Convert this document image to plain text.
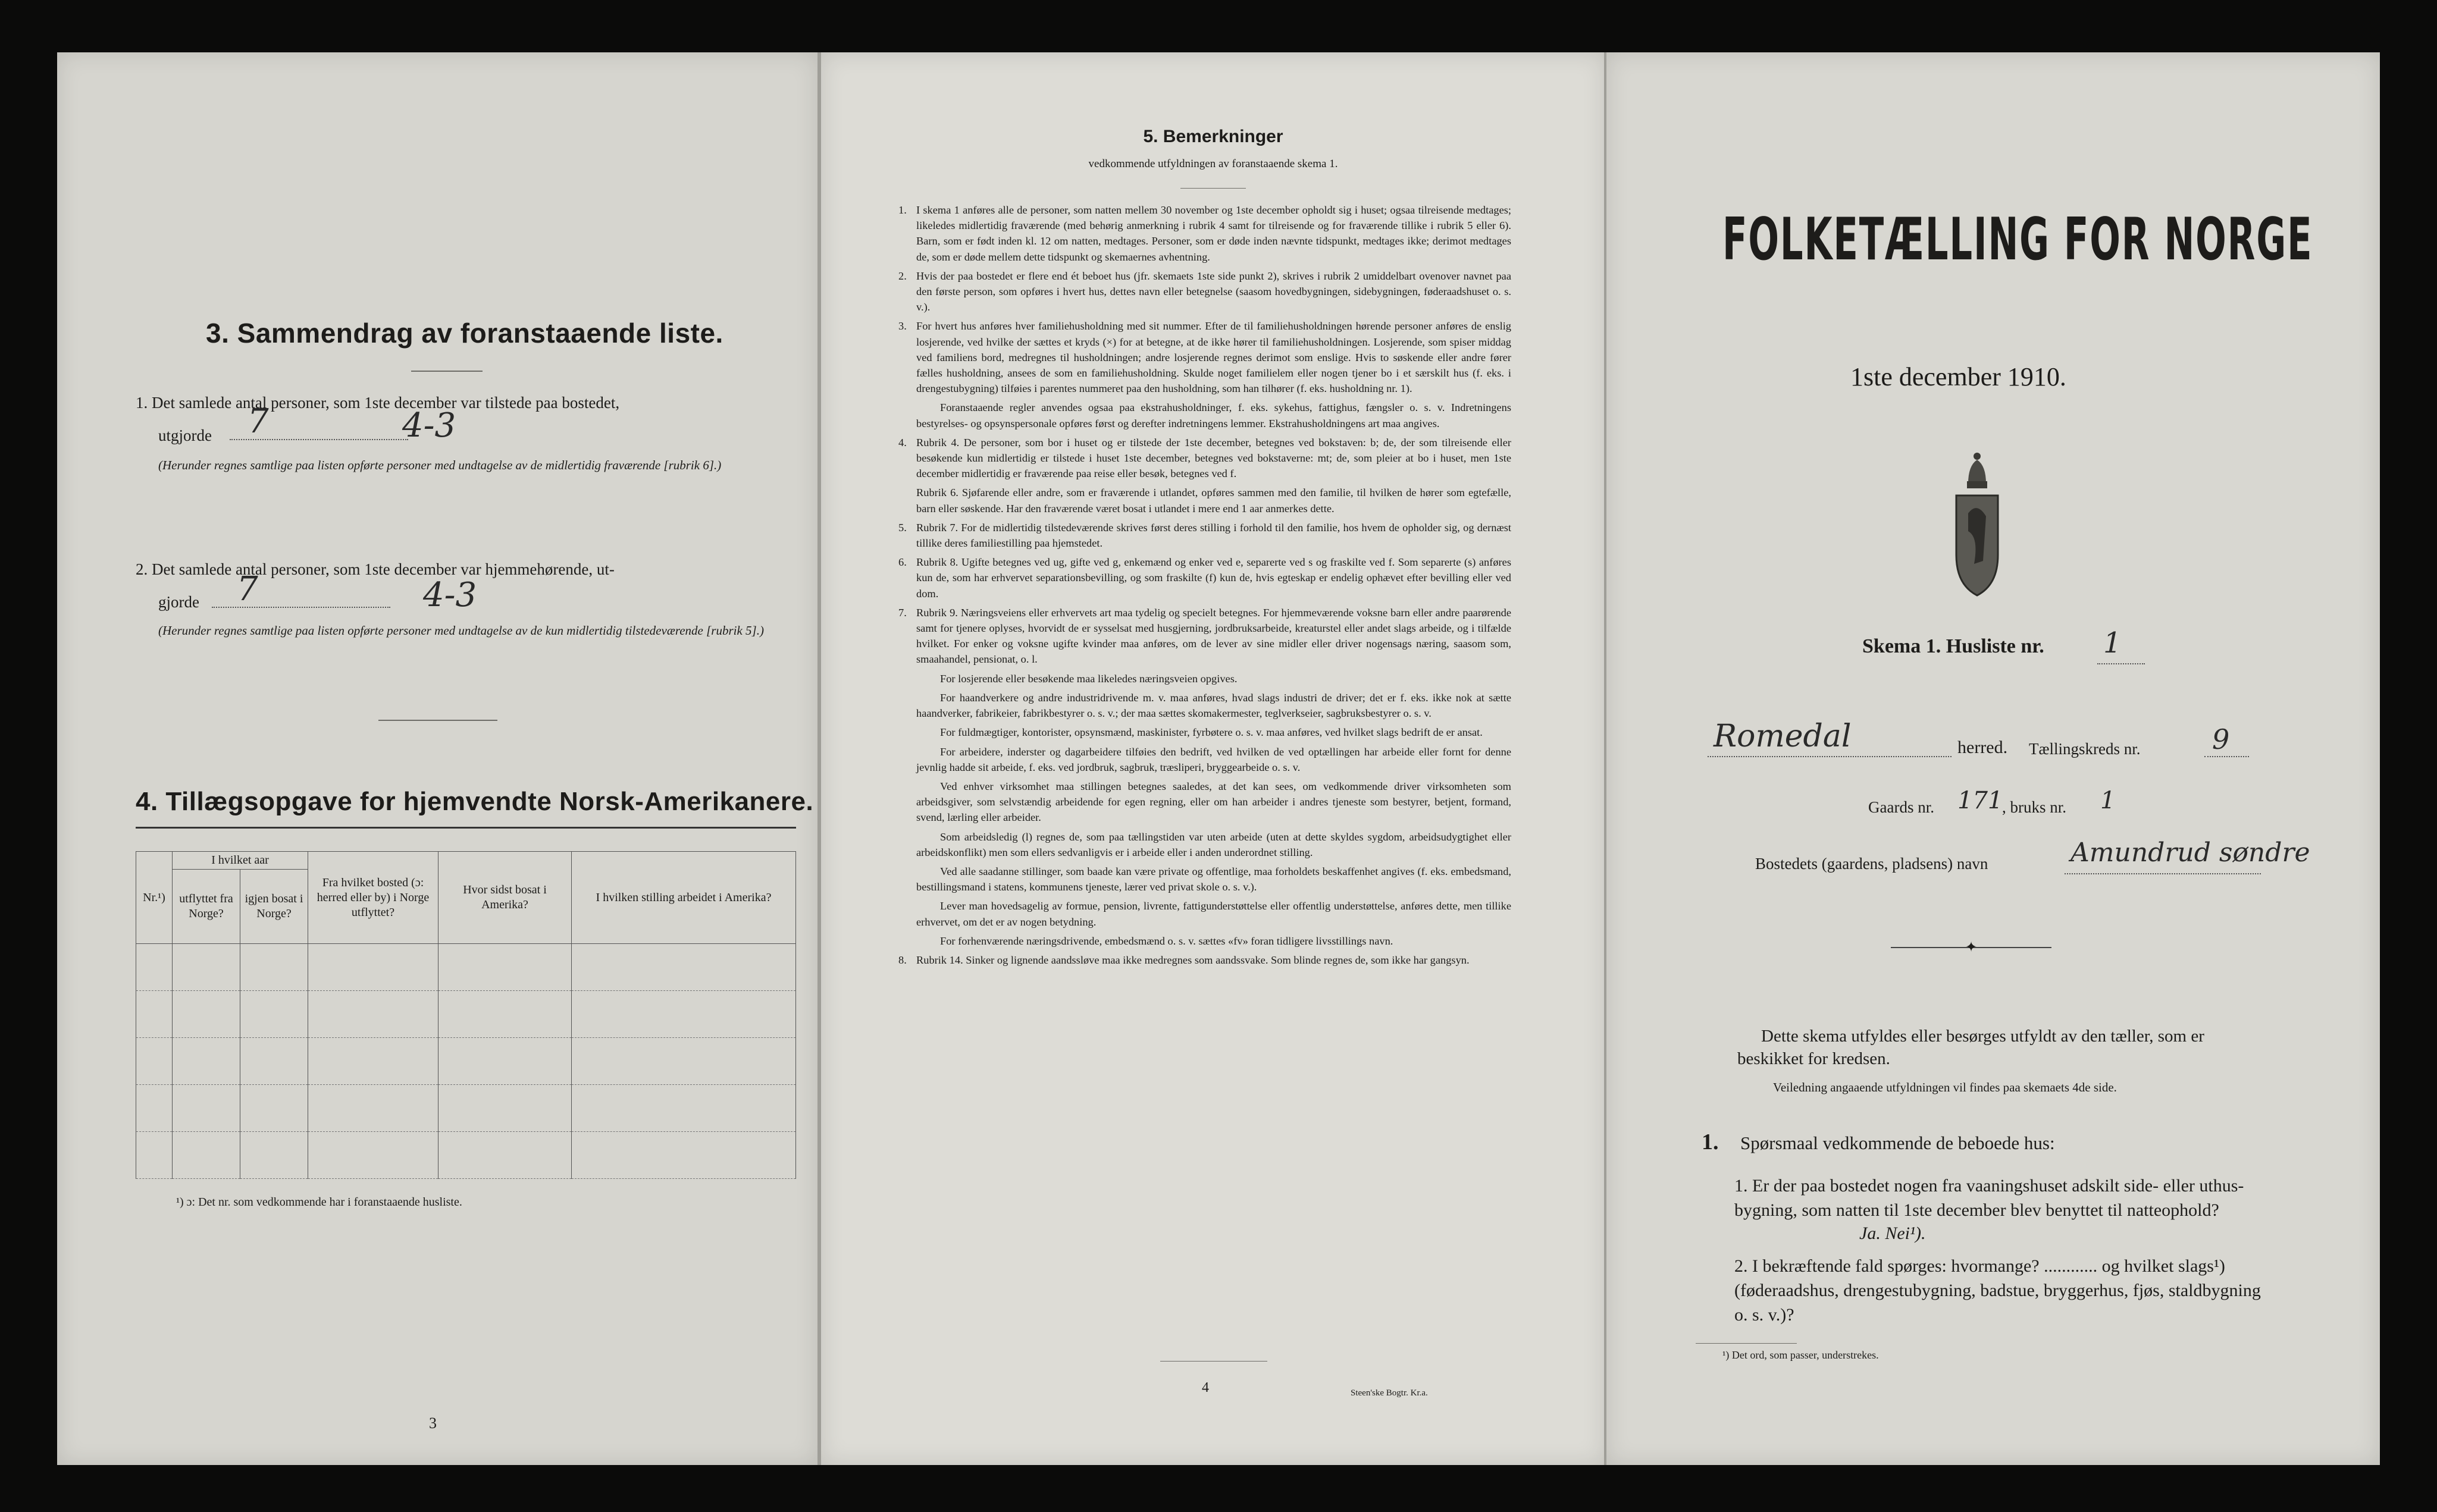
3. Sammendrag av foranstaaende liste.
1. Det samlede antal personer, som 1ste december var tilstede paa bostedet,
utgjorde 7	4-3
(Herunder regnes samtlige paa listen opførte personer med undtagelse av de midlertidig fraværende [rubrik 6].)
2. Det samlede antal personer, som 1ste december var hjemmehørende, ut-
gjorde 7	4-3
(Herunder regnes samtlige paa listen opførte personer med undtagelse av de kun midlertidig tilstedeværende [rubrik 5].)
4. Tillægsopgave for hjemvendte Norsk-Amerikanere.
Nr.¹)	I hvilket aar		Fra hvilket bosted (ɔ: herred eller by) i Norge utflyttet?	Hvor sidst bosat i Amerika?	I hvilken stilling arbeidet i Amerika?
	utflyttet fra Norge?	igjen bosat i Norge?			

¹) ɔ: Det nr. som vedkommende har i foranstaaende husliste.
3
5. Bemerkninger
vedkommende utfyldningen av foranstaaende skema 1.

1. I skema 1 anføres alle de personer, som natten mellem 30 november og 1ste december opholdt sig i huset; ogsaa tilreisende medtages; likeledes midlertidig fraværende (med behørig anmerkning i rubrik 4 samt for tilreisende og for fraværende tillike i rubrik 5 eller 6). Barn, som er født inden kl. 12 om natten, medtages. Personer, som er døde inden nævnte tidspunkt, medtages ikke; derimot medtages de, som er døde mellem dette tidspunkt og skemaernes avhentning.

2. Hvis der paa bostedet er flere end ét beboet hus (jfr. skemaets 1ste side punkt 2), skrives i rubrik 2 umiddelbart ovenover navnet paa den første person, som opføres i hvert hus, dettes navn eller betegnelse (saasom hovedbygningen, sidebygningen, føderaadshuset o. s. v.).

3. For hvert hus anføres hver familiehusholdning med sit nummer. Efter de til familiehusholdningen hørende personer anføres de enslig losjerende, ved hvilke der sættes et kryds (×) for at betegne, at de ikke hører til familiehusholdningen. Losjerende, som spiser middag ved familiens bord, medregnes til husholdningen; andre losjerende regnes derimot som enslige. Hvis to søskende eller andre fører fælles husholdning, ansees de som en familiehusholdning. Skulde noget familielem eller nogen tjener bo i et særskilt hus (f. eks. i drengestubygning) tilføies i parentes nummeret paa den husholdning, som han tilhører (f. eks. husholdning nr. 1).

Foranstaaende regler anvendes ogsaa paa ekstrahusholdninger, f. eks. sykehus, fattighus, fængsler o. s. v. Indretningens bestyrelses- og opsynspersonale opføres først og derefter indretningens lemmer. Ekstrahusholdningens art maa angives.

4. Rubrik 4. De personer, som bor i huset og er tilstede der 1ste december, betegnes ved bokstaven: b; de, der som tilreisende eller besøkende kun midlertidig er tilstede i huset 1ste december, betegnes ved bokstaverne: mt; de, som pleier at bo i huset, men 1ste december midlertidig er fraværende paa reise eller besøk, betegnes ved f.

Rubrik 6. Sjøfarende eller andre, som er fraværende i utlandet, opføres sammen med den familie, til hvilken de hører som egtefælle, barn eller søskende. Har den fraværende været bosat i utlandet i mere end 1 aar anmerkes dette.

5. Rubrik 7. For de midlertidig tilstedeværende skrives først deres stilling i forhold til den familie, hos hvem de opholder sig, og dernæst tillike deres familiestilling paa hjemstedet.

6. Rubrik 8. Ugifte betegnes ved ug, gifte ved g, enkemænd og enker ved e, separerte ved s og fraskilte ved f. Som separerte (s) anføres kun de, som har erhvervet separationsbevilling, og som fraskilte (f) kun de, hvis egteskap er endelig ophævet efter bevilling eller ved dom.

7. Rubrik 9. Næringsveiens eller erhvervets art maa tydelig og specielt betegnes. For hjemmeværende voksne barn eller andre paarørende samt for tjenere oplyses, hvorvidt de er sysselsat med husgjerning, jordbruksarbeide, kreaturstel eller andet slags arbeide, og i tilfælde hvilket. For enker og voksne ugifte kvinder maa anføres, om de lever av sine midler eller driver nogensags næring, saasom som, smaahandel, pensionat, o. l.

For losjerende eller besøkende maa likeledes næringsveien opgives.

For haandverkere og andre industridrivende m. v. maa anføres, hvad slags industri de driver; det er f. eks. ikke nok at sætte haandverker, fabrikeier, fabrikbestyrer o. s. v.; der maa sættes skomakermester, teglverkseier, sagbruksbestyrer o. s. v.

For fuldmægtiger, kontorister, opsynsmænd, maskinister, fyrbøtere o. s. v. maa anføres, ved hvilket slags bedrift de er ansat.

For arbeidere, inderster og dagarbeidere tilføies den bedrift, ved hvilken de ved optællingen har arbeide eller fornt for denne jevnlig hadde sit arbeide, f. eks. ved jordbruk, sagbruk, træsliperi, bryggearbeide o. s. v.

Ved enhver virksomhet maa stillingen betegnes saaledes, at det kan sees, om vedkommende driver virksomheten som arbeidsgiver, som selvstændig arbeidende for egen regning, eller om han arbeider i andres tjeneste som bestyrer, betjent, formand, svend, lærling eller arbeider.

Som arbeidsledig (l) regnes de, som paa tællingstiden var uten arbeide (uten at dette skyldes sygdom, arbeidsudygtighet eller arbeidskonflikt) men som ellers sedvanligvis er i arbeide eller i anden underordnet stilling.

Ved alle saadanne stillinger, som baade kan være private og offentlige, maa forholdets beskaffenhet angives (f. eks. embedsmand, bestillingsmand i statens, kommunens tjeneste, lærer ved privat skole o. s. v.).

Lever man hovedsagelig av formue, pension, livrente, fattigunderstøttelse eller offentlig understøttelse, anføres dette, men tillike erhvervet, om det er av nogen betydning.

For forhenværende næringsdrivende, embedsmænd o. s. v. sættes «fv» foran tidligere livsstillings navn.

8. Rubrik 14. Sinker og lignende aandssløve maa ikke medregnes som aandssvake. Som blinde regnes de, som ikke har gangsyn.

4	Steen'ske Bogtr. Kr.a.
FOLKETÆLLING FOR NORGE
1ste december 1910.
Skema 1. Husliste nr. 1
Romedal	herred. Tællingskreds nr.	9
Gaards nr. 171
, bruks nr. 1
Bostedets (gaardens, pladsens) navn	Amundrud søndre
✦
Dette skema utfyldes eller besørges utfyldt av den tæller, som er beskikket for kredsen.
Veiledning angaaende utfyldningen vil findes paa skemaets 4de side.
1. Spørsmaal vedkommende de beboede hus:
1. Er der paa bostedet nogen fra vaaningshuset adskilt side- eller uthus-bygning, som natten til 1ste december blev benyttet til natteophold?
Ja. Nei¹).
2. I bekræftende fald spørges: hvormange? ............ og hvilket slags¹) (føderaadshus, drengestubygning, badstue, bryggerhus, fjøs, staldbygning o. s. v.)?
¹) Det ord, som passer, understrekes.
